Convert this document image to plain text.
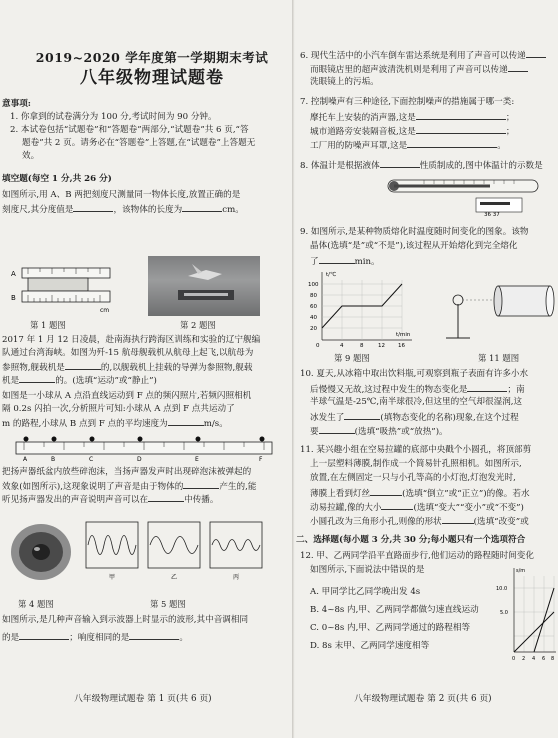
2019~2020 学年度第一学期期末考试
八年级物理试题卷
意事项:
1. 你拿到的试卷满分为 100 分,考试时间为 90 分钟。
2. 本试卷包括“试题卷”和“答题卷”两部分,“试题卷”共 6 页,“答
题卷”共 2 页。请务必在“答题卷”上答题,在“试题卷”上答题无
效。
填空题(每空 1 分,共 26 分)
如图所示,用 A、B 两把刻度尺测量同一物体长度,放置正确的是
刻度尺,其分度值是	，该物体的长度为	cm。
A
B
cm
第 1 题图	第 2 题图
2017 年 1 月 12 日凌晨，赴南海执行跨海区训练和实验的辽宁舰编
队通过台湾海峡。如图为歼-15 航母舰载机从航母上起飞,以航母为
参照物,舰载机是	的,以舰载机上挂载的导弹为参照物,舰载
机是	的。(选填“运动”或“静止”)
如图是一小球从 A 点沿直线运动到 F 点的频闪照片,若频闪照相机
隔 0.2s 闪拍一次,分析照片可知:小球从 A 点到 F 点共运动了
m 的路程,小球从 B 点到 F 点的平均速度为	m/s。
A	B	C	D	E	F
把扬声器纸盆内放些碎泡沫，当扬声器发声时出现碎泡沫被弹起的
效象(如图所示),这现象说明了声音是由于物体的	产生的,能
听见扬声器发出的声音说明声音可以在	中传播。
第 4 题图
甲	乙	丙
第 5 题图
如图所示,是几种声音输入到示波器上时显示的波形,其中音调相同
的是	；响度相同的是	。
八年级物理试题卷 第 1 页(共 6 页)
6. 现代生活中的小汽车倒车雷达系统是利用了声音可以传递
而眼镜店里的超声波清洗机则是利用了声音可以传递
洗眼镜上的污垢。
7. 控制噪声有三种途径,下面控制噪声的措施属于哪一类:
摩托车上安装的消声器,这是	；
城市道路旁安装隔音板,这是	；
工厂用的防噪声耳罩,这是	。
8. 体温计是根据液体	性质制成的,图中体温计的示数是
36 37
9. 如图所示,是某种物质熔化时温度随时间变化的图象。该物
晶体(选填“是”或“不是”),该过程从开始熔化到完全熔化
了	min。
t/℃
t/min
100
80
60
40
20
0	4	8	12 16
第 9 题图	第 11 题图
10. 夏天,从冰箱中取出饮料瓶,可观察到瓶子表面有许多小水
后慢慢又无故,这过程中发生的物态变化是	；南
半球气温是-25℃,南半球很冷,但这里的空气却很湿润,这
冰发生了	(填物态变化的名称)现象,在这个过程
要	(选填“吸热”或“放热”)。
11. 某兴趣小组在空易拉罐的底部中央戳个小圆孔，将顶部剪
上一层塑料薄膜,制作成一个简易针孔照相机。如图所示,
放置,在左侧固定一只与小孔等高的小灯泡,灯泡发光时,
薄膜上看到灯丝	(选填“倒立”或“正立”)的像。若水
动易拉罐,像的大小	(选填“变大”“变小”或“不变”)
小圆孔改为三角形小孔,则像的形状	(选填“改变”或
二、选择题(每小题 3 分,共 30 分;每小题只有一个选项符合
12. 甲、乙两同学沿平直路面步行,他们运动的路程随时间变化
如图所示,下面说法中错误的是
A. 甲同学比乙同学晚出发 4s
B. 4~8s 内,甲、乙两同学都做匀速直线运动
C. 0~8s 内,甲、乙两同学通过的路程相等
D. 8s 末甲、乙两同学速度相等
s/m
10.0
5.0
0 2 4 6 8
八年级物理试题卷 第 2 页(共 6 页)
